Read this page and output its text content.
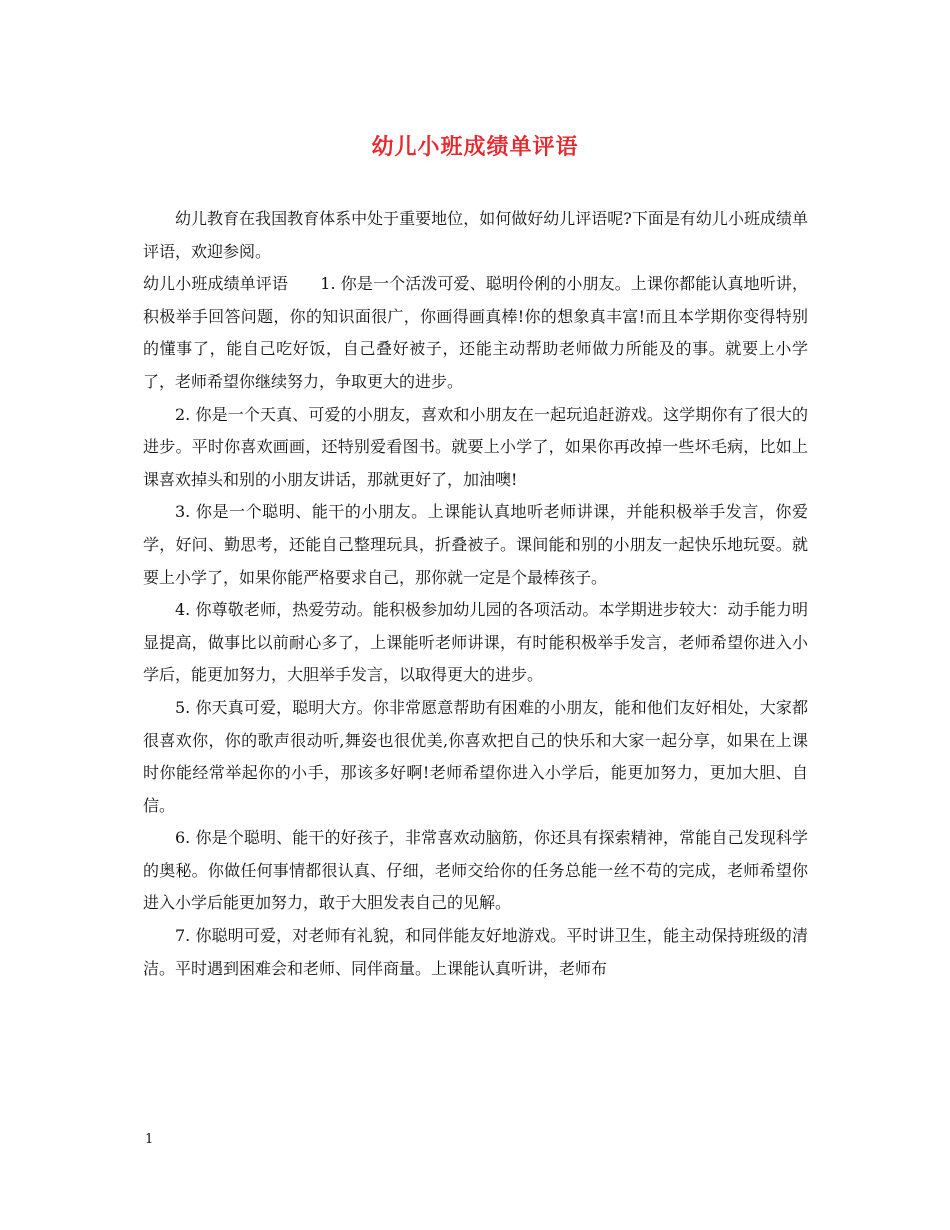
幼儿小班成绩单评语

幼儿教育在我国教育体系中处于重要地位，如何做好幼儿评语呢?下面是有幼儿小班成绩单评语，欢迎参阅。

幼儿小班成绩单评语　　1. 你是一个活泼可爱、聪明伶俐的小朋友。上课你都能认真地听讲，积极举手回答问题，你的知识面很广，你画得画真棒!你的想象真丰富!而且本学期你变得特别的懂事了，能自己吃好饭，自己叠好被子，还能主动帮助老师做力所能及的事。就要上小学了，老师希望你继续努力，争取更大的进步。

2. 你是一个天真、可爱的小朋友，喜欢和小朋友在一起玩追赶游戏。这学期你有了很大的进步。平时你喜欢画画，还特别爱看图书。就要上小学了，如果你再改掉一些坏毛病，比如上课喜欢掉头和别的小朋友讲话，那就更好了，加油噢!

3. 你是一个聪明、能干的小朋友。上课能认真地听老师讲课，并能积极举手发言，你爱学，好问、勤思考，还能自己整理玩具，折叠被子。课间能和别的小朋友一起快乐地玩耍。就要上小学了，如果你能严格要求自己，那你就一定是个最棒孩子。

4. 你尊敬老师，热爱劳动。能积极参加幼儿园的各项活动。本学期进步较大：动手能力明显提高，做事比以前耐心多了，上课能听老师讲课，有时能积极举手发言，老师希望你进入小学后，能更加努力，大胆举手发言，以取得更大的进步。

5. 你天真可爱，聪明大方。你非常愿意帮助有困难的小朋友，能和他们友好相处，大家都很喜欢你，你的歌声很动听,舞姿也很优美,你喜欢把自己的快乐和大家一起分享，如果在上课时你能经常举起你的小手，那该多好啊!老师希望你进入小学后，能更加努力，更加大胆、自信。

6. 你是个聪明、能干的好孩子，非常喜欢动脑筋，你还具有探索精神，常能自己发现科学的奥秘。你做任何事情都很认真、仔细，老师交给你的任务总能一丝不苟的完成，老师希望你进入小学后能更加努力，敢于大胆发表自己的见解。

7. 你聪明可爱，对老师有礼貌，和同伴能友好地游戏。平时讲卫生，能主动保持班级的清洁。平时遇到困难会和老师、同伴商量。上课能认真听讲，老师布

1
